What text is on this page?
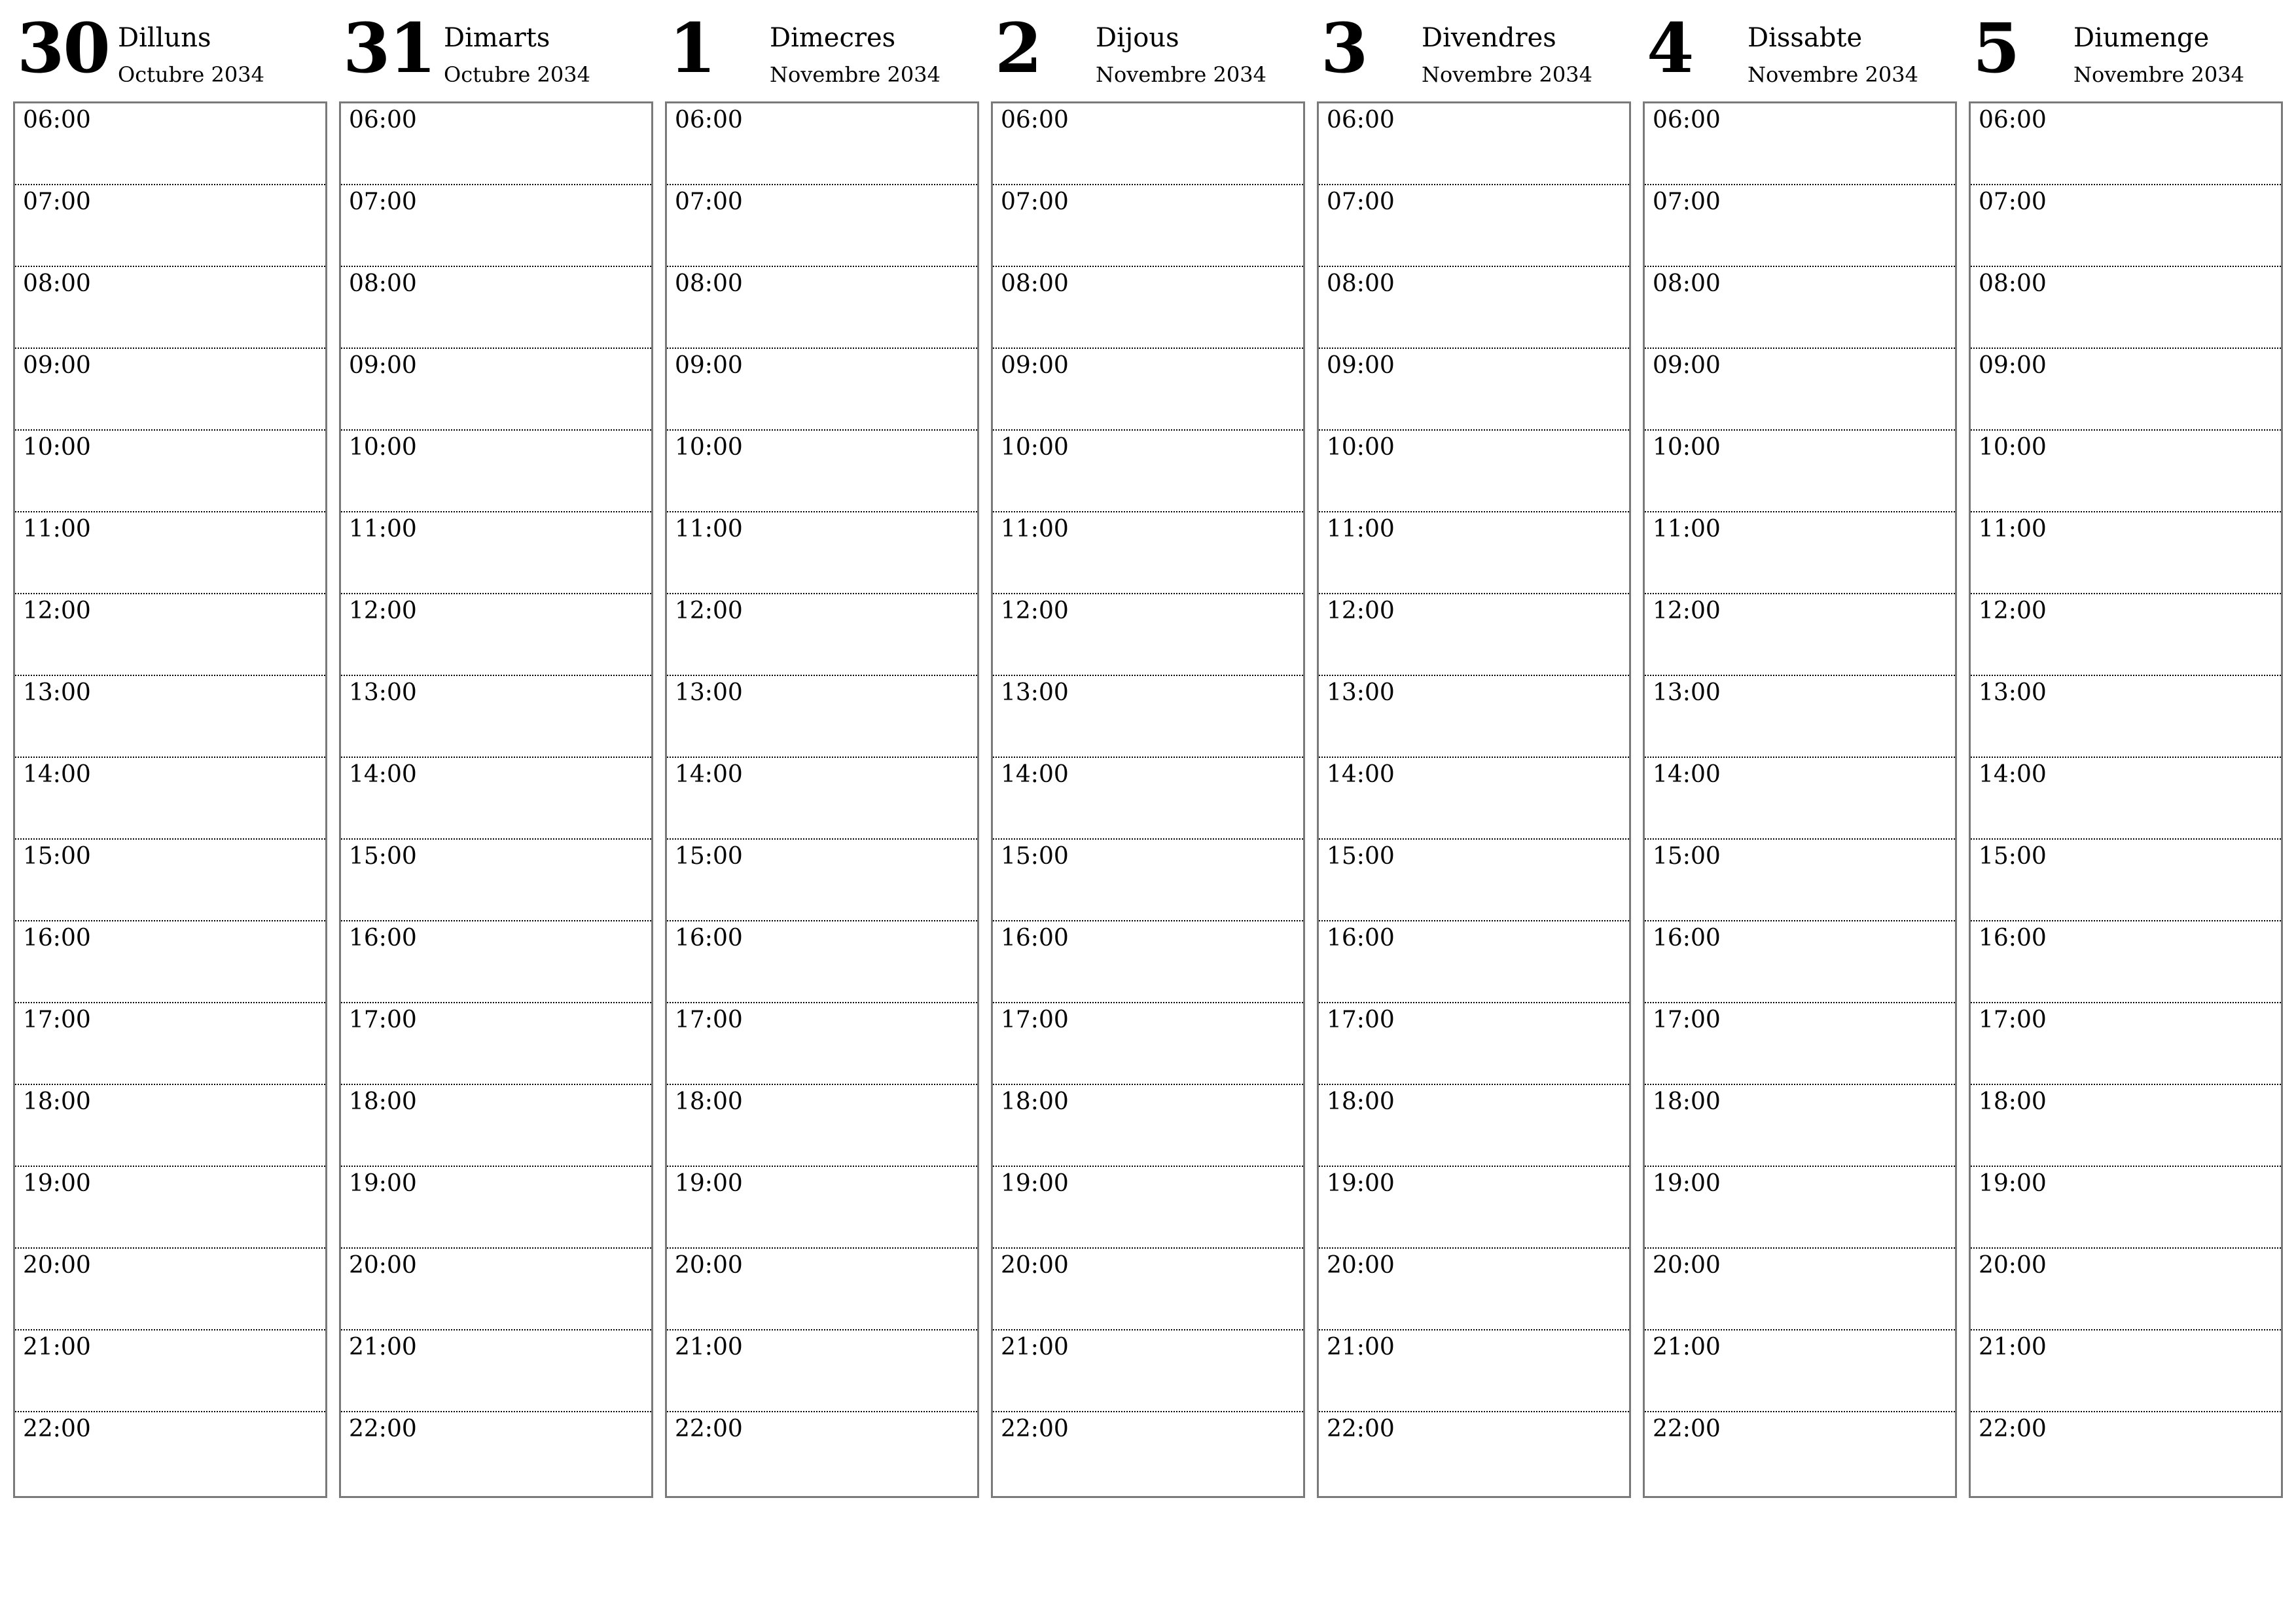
30 Dilluns
Octubre 2034
06:00
07:00
08:00
09:00
10:00
11:00
12:00
13:00
14:00
15:00
16:00
17:00
18:00
19:00
20:00
21:00
22:00
31 Dimarts
Octubre 2034
06:00
07:00
08:00
09:00
10:00
11:00
12:00
13:00
14:00
15:00
16:00
17:00
18:00
19:00
20:00
21:00
22:00
1 Dimecres
Novembre 2034
06:00
07:00
08:00
09:00
10:00
11:00
12:00
13:00
14:00
15:00
16:00
17:00
18:00
19:00
20:00
21:00
22:00
2 Dijous
Novembre 2034
06:00
07:00
08:00
09:00
10:00
11:00
12:00
13:00
14:00
15:00
16:00
17:00
18:00
19:00
20:00
21:00
22:00
3 Divendres
Novembre 2034
06:00
07:00
08:00
09:00
10:00
11:00
12:00
13:00
14:00
15:00
16:00
17:00
18:00
19:00
20:00
21:00
22:00
4 Dissabte
Novembre 2034
06:00
07:00
08:00
09:00
10:00
11:00
12:00
13:00
14:00
15:00
16:00
17:00
18:00
19:00
20:00
21:00
22:00
5 Diumenge
Novembre 2034
06:00
07:00
08:00
09:00
10:00
11:00
12:00
13:00
14:00
15:00
16:00
17:00
18:00
19:00
20:00
21:00
22:00
